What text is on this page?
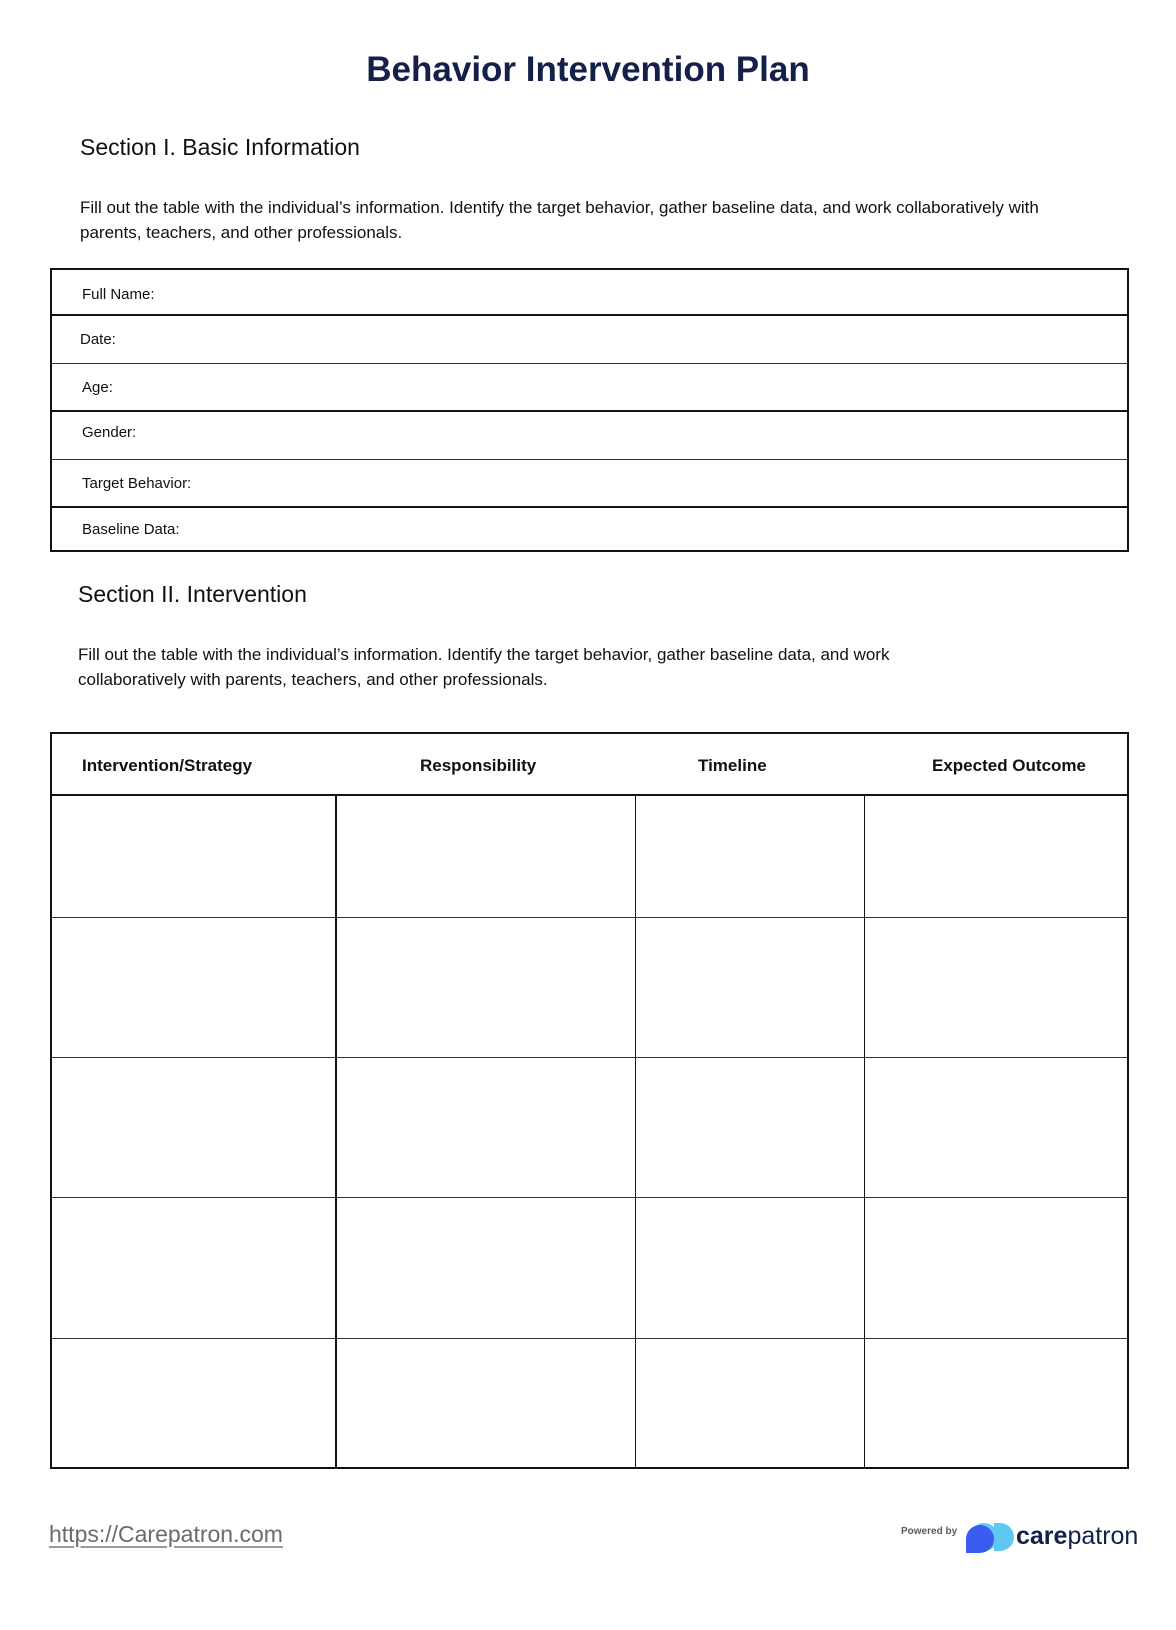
Behavior Intervention Plan
Section I. Basic Information

Fill out the table with the individual’s information. Identify the target behavior, gather baseline data, and work collaboratively with parents, teachers, and other professionals.

Full Name:
Date:
Age:
Gender:
Target Behavior:
Baseline Data:
Section II. Intervention

Fill out the table with the individual’s information. Identify the target behavior, gather baseline data, and work collaboratively with parents, teachers, and other professionals.

Intervention/Strategy	Responsibility	Timeline	Expected Outcome
https://Carepatron.com	Powered by carepatron
